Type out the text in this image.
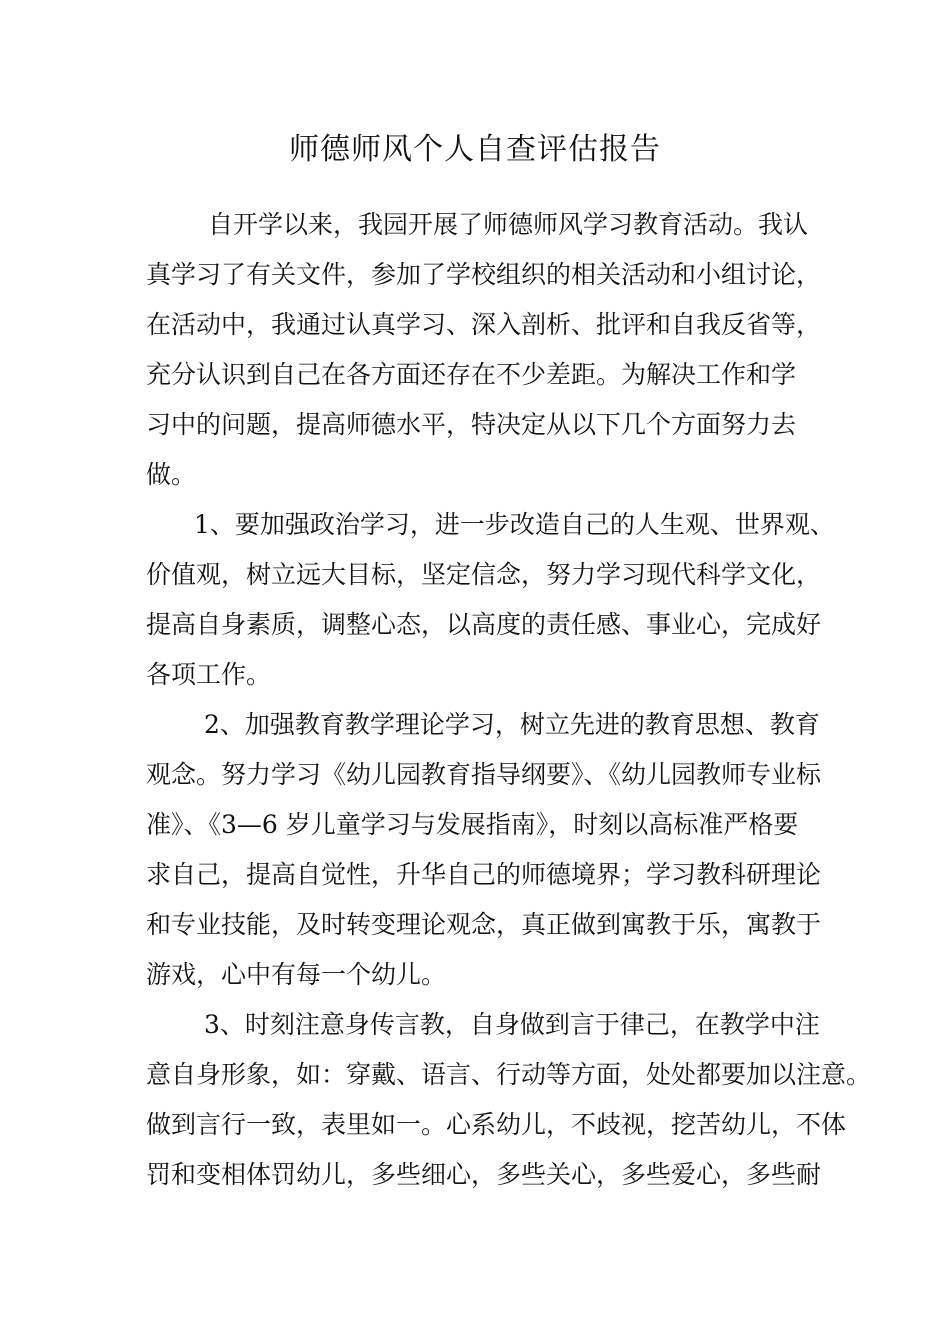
师德师风个人自查评估报告
自开学以来，我园开展了师德师风学习教育活动。我认
真学习了有关文件，参加了学校组织的相关活动和小组讨论，
在活动中，我通过认真学习、深入剖析、批评和自我反省等，
充分认识到自己在各方面还存在不少差距。为解决工作和学
习中的问题，提高师德水平，特决定从以下几个方面努力去
做。
1、要加强政治学习，进一步改造自己的人生观、世界观、
价值观，树立远大目标，坚定信念，努力学习现代科学文化，
提高自身素质，调整心态，以高度的责任感、事业心，完成好
各项工作。
2、加强教育教学理论学习，树立先进的教育思想、教育
观念。努力学习《幼儿园教育指导纲要》、《幼儿园教师专业标
准》、《3—6 岁儿童学习与发展指南》，时刻以高标准严格要
求自己，提高自觉性，升华自己的师德境界；学习教科研理论
和专业技能，及时转变理论观念，真正做到寓教于乐，寓教于
游戏，心中有每一个幼儿。
3、时刻注意身传言教，自身做到言于律己，在教学中注
意自身形象，如：穿戴、语言、行动等方面，处处都要加以注意。
做到言行一致，表里如一。心系幼儿，不歧视，挖苦幼儿，不体
罚和变相体罚幼儿，多些细心，多些关心，多些爱心，多些耐
